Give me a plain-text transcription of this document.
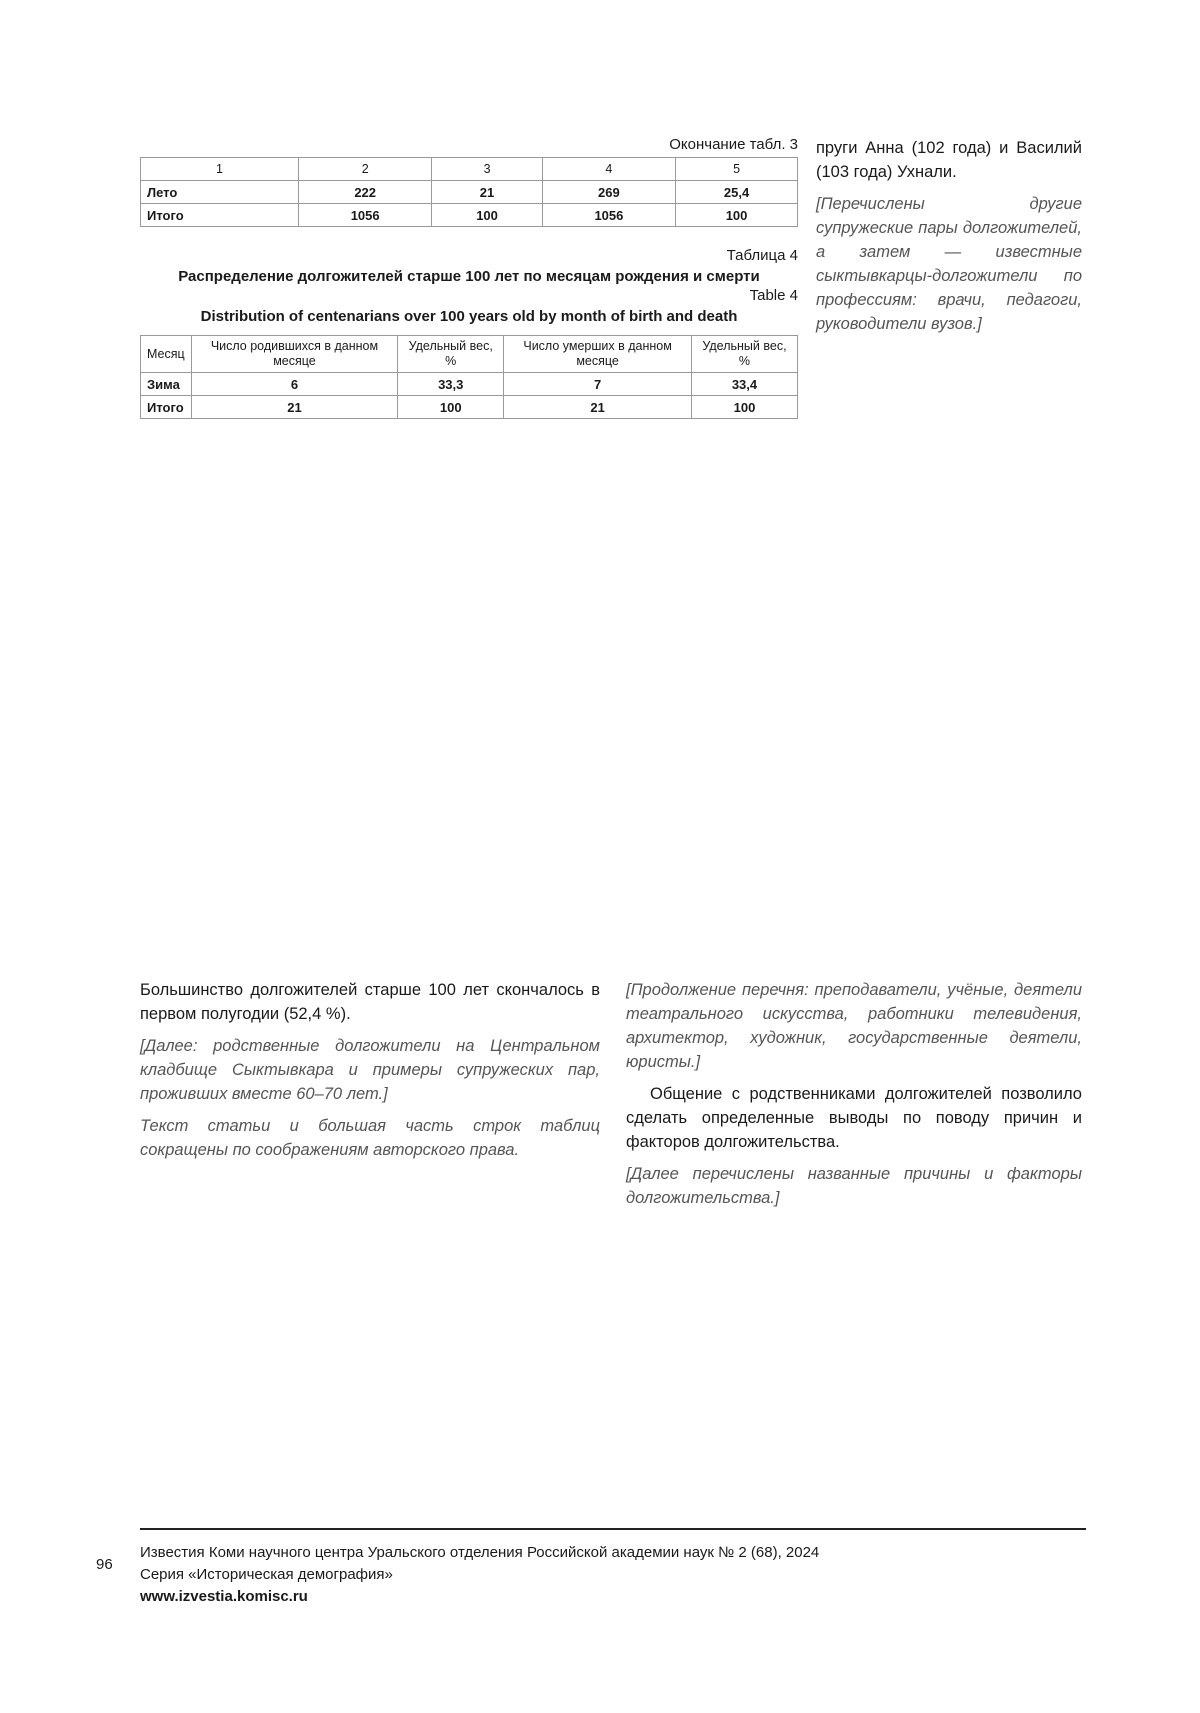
Окончание табл. 3
1	2	3	4	5
Лето	222	21	269	25,4
Итого	1056	100	1056	100
Таблица 4
Распределение долгожителей старше 100 лет по месяцам рождения и смерти
Table 4
Distribution of centenarians over 100 years old by month of birth and death
Месяц	Число родившихся в данном месяце	Удельный вес, %	Число умерших в данном месяце	Удельный вес, %
Зима	6	33,3	7	33,4
Итого	21	100	21	100

пруги Анна (102 года) и Василий (103 года) Ухнали.

[Перечислены другие супружеские пары долгожителей, а затем — известные сыктывкарцы-долгожители по профессиям: врачи, педагоги, руководители вузов.]

Большинство долгожителей старше 100 лет скончалось в первом полугодии (52,4 %).

[Далее: родственные долгожители на Центральном кладбище Сыктывкара и примеры супружеских пар, проживших вместе 60–70 лет.]

Текст статьи и большая часть строк таблиц сокращены по соображениям авторского права.

[Продолжение перечня: преподаватели, учёные, деятели театрального искусства, работники телевидения, архитектор, художник, государственные деятели, юристы.]

Общение с родственниками долгожителей позволило сделать определенные выводы по поводу причин и факторов долгожительства.

[Далее перечислены названные причины и факторы долгожительства.]

96
Известия Коми научного центра Уральского отделения Российской академии наук № 2 (68), 2024
Серия «Историческая демография»
www.izvestia.komisc.ru
